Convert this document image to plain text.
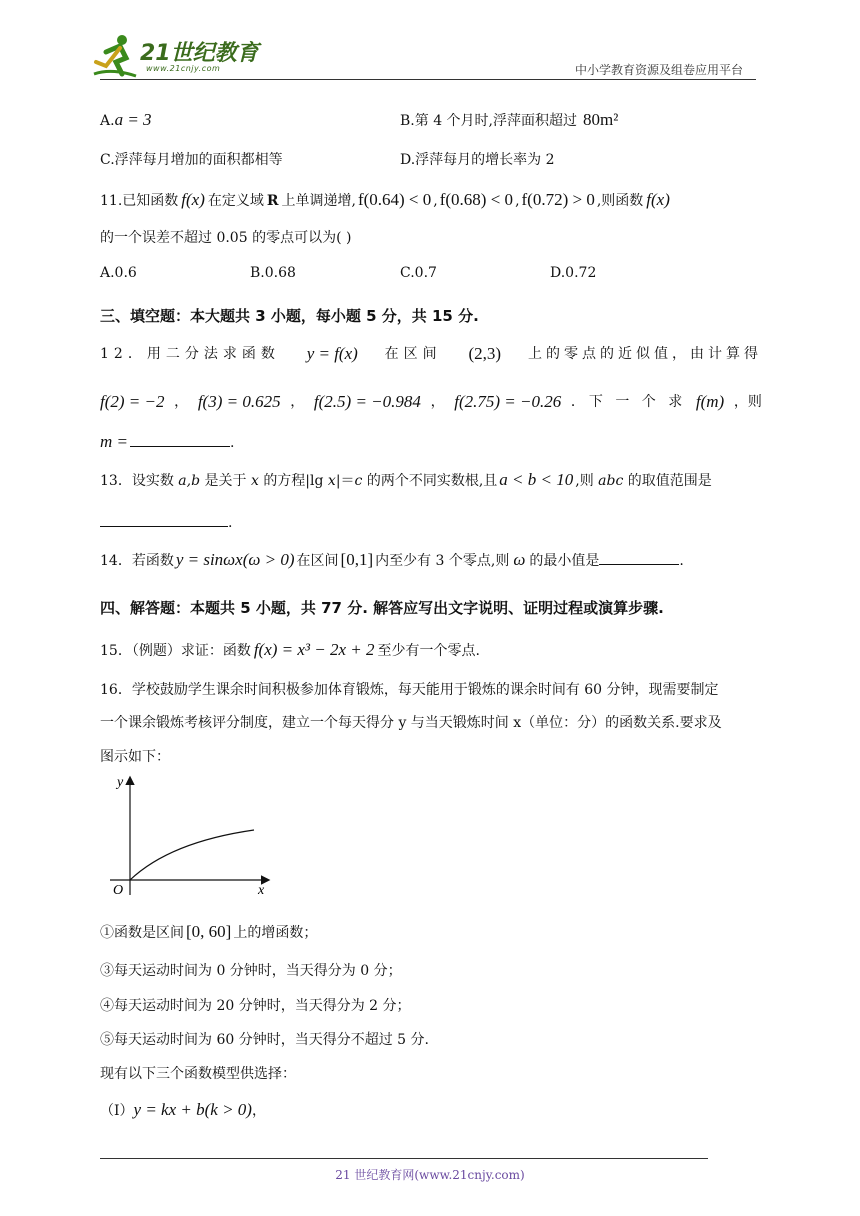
21世纪教育
www.21cnjy.com	中小学教育资源及组卷应用平台
A.a = 3	B.第 4 个月时,浮萍面积超过 80m²
C.浮萍每月增加的面积都相等	D.浮萍每月的增长率为 2
11.已知函数 f(x) 在定义域 R 上单调递增, f(0.64) < 0 , f(0.68) < 0 , f(0.72) > 0 ,则函数 f(x)
的一个误差不超过 0.05 的零点可以为( )
A.0.6	B.0.68	C.0.7	D.0.72
三、填空题：本大题共 3 小题，每小题 5 分，共 15 分.
12．用二分法求函数 y = f(x) 在区间 (2,3) 上的零点的近似值，由计算得
f(2) = −2 ， f(3) = 0.625 ， f(2.5) = −0.984 ， f(2.75) = −0.26 ．下 一 个 求 f(m) ，则
m =	.
13．设实数 a,b 是关于 x 的方程|lg x|＝c 的两个不同实数根,且 a < b < 10 ,则 abc 的取值范围是
.
14．若函数 y = sinωx(ω > 0) 在区间 [0,1] 内至少有 3 个零点,则 ω 的最小值是	.
四、解答题：本题共 5 小题，共 77 分. 解答应写出文字说明、证明过程或演算步骤.
15．（例题）求证：函数 f(x) = x³ − 2x + 2 至少有一个零点.
16．学校鼓励学生课余时间积极参加体育锻炼，每天能用于锻炼的课余时间有 60 分钟，现需要制定
一个课余锻炼考核评分制度，建立一个每天得分 y 与当天锻炼时间 x（单位：分）的函数关系.要求及
图示如下：
y
x
O
①函数是区间 [0, 60] 上的增函数；
③每天运动时间为 0 分钟时，当天得分为 0 分；
④每天运动时间为 20 分钟时，当天得分为 2 分；
⑤每天运动时间为 60 分钟时，当天得分不超过 5 分.
现有以下三个函数模型供选择：
（Ⅰ）y = kx + b(k > 0)，
21 世纪教育网(www.21cnjy.com)
